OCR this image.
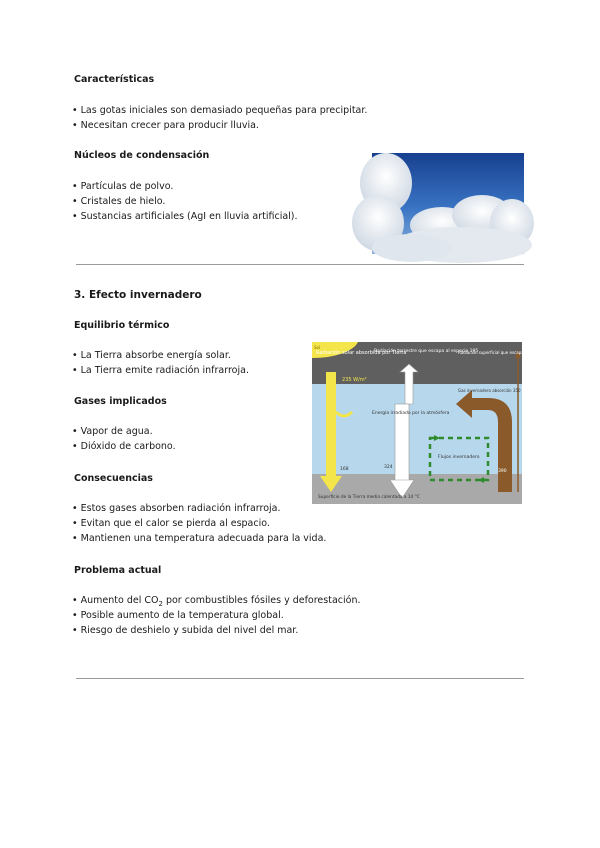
Características
• Las gotas iniciales son demasiado pequeñas para precipitar.
• Necesitan crecer para producir lluvia.
Núcleos de condensación
• Partículas de polvo.
• Cristales de hielo.
• Sustancias artificiales (AgI en lluvia artificial).
3. Efecto invernadero
Equilibrio térmico
• La Tierra absorbe energía solar.
• La Tierra emite radiación infrarroja.
Gases implicados
• Vapor de agua.
• Dióxido de carbono.
Consecuencias
• Estos gases absorben radiación infrarroja.
• Evitan que el calor se pierda al espacio.
• Mantienen una temperatura adecuada para la vida.
Problema actual
• Aumento del $CO_2$ por combustibles fósiles y deforestación.
• Posible aumento de la temperatura global.
• Riesgo de deshielo y subida del nivel del mar.
Radiación solar absorbida por Tierra
235 W/m²
Radiación terrestre que escapa al espacio 195
Radiación superficial que escapa 40
Energía irradiada por la atmósfera
Gas invernadero absorción 350
Flujos invernadero
168	324
390
Superficie de la Tierra media calentada a 14 °C
Sol
